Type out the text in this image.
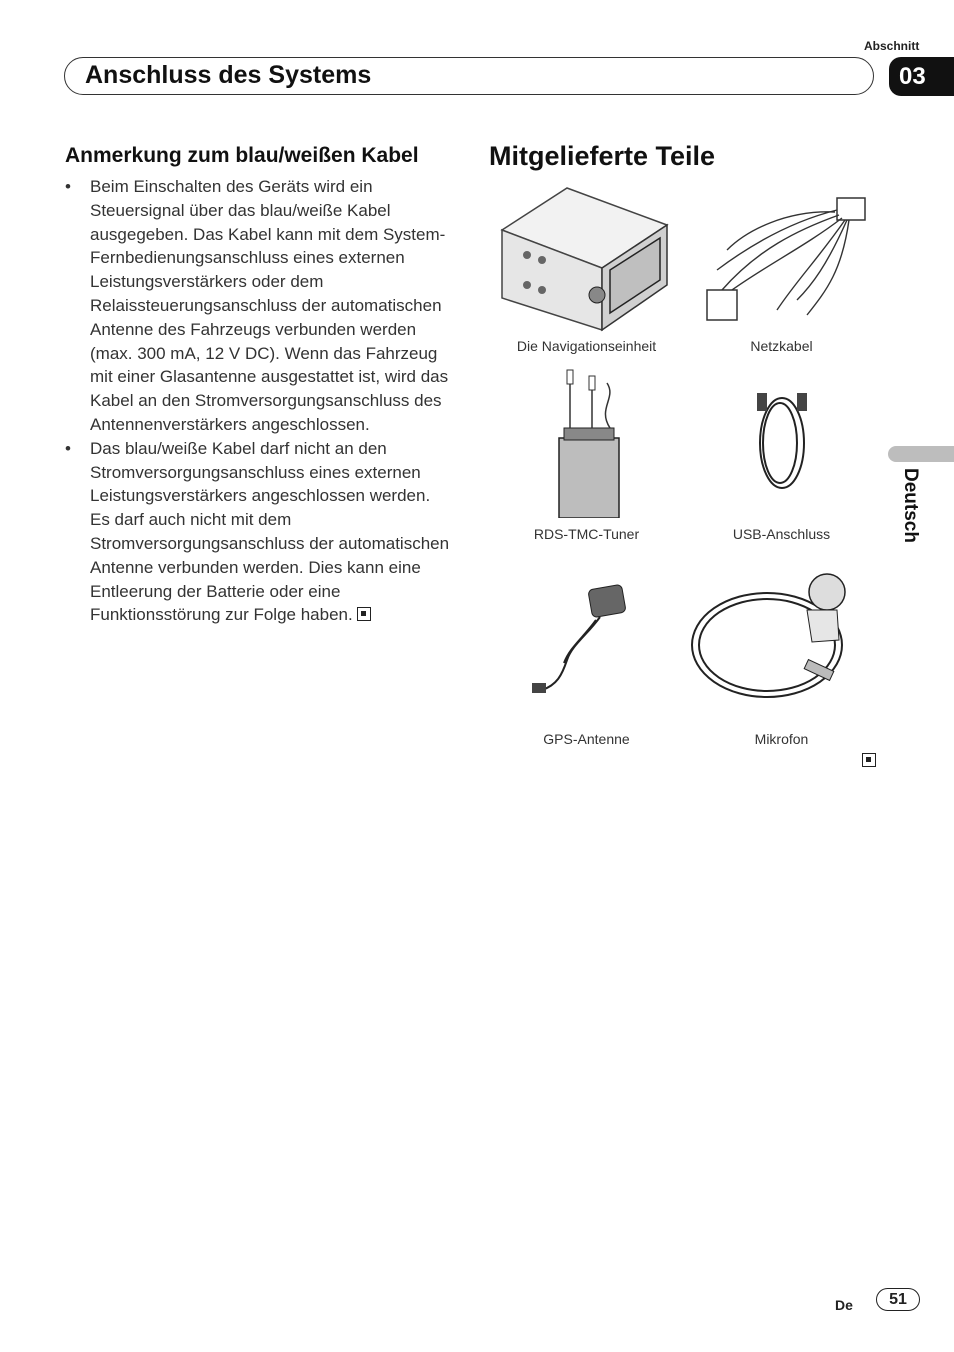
Abschnitt
Anschluss des Systems	03
Anmerkung zum blau/weißen Kabel
• Beim Einschalten des Geräts wird ein Steuersignal über das blau/weiße Kabel ausgegeben. Das Kabel kann mit dem System-Fernbedienungsanschluss eines externen Leistungsverstärkers oder dem Relaissteuerungsanschluss der automatischen Antenne des Fahrzeugs verbunden werden (max. 300 mA, 12 V DC). Wenn das Fahrzeug mit einer Glasantenne ausgestattet ist, wird das Kabel an den Stromversorgungsanschluss des Antennenverstärkers angeschlossen.
• Das blau/weiße Kabel darf nicht an den Stromversorgungsanschluss eines externen Leistungsverstärkers angeschlossen werden. Es darf auch nicht mit dem Stromversorgungsanschluss der automatischen Antenne verbunden werden. Dies kann eine Entleerung der Batterie oder eine Funktionsstörung zur Folge haben.
Mitgelieferte Teile
Die Navigationseinheit	Netzkabel
RDS-TMC-Tuner	USB-Anschluss
GPS-Antenne	Mikrofon
Deutsch
De	51
